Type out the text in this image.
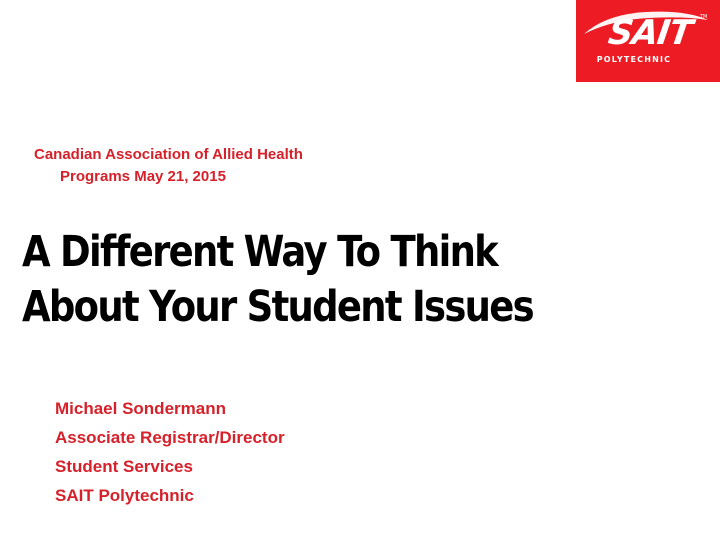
SAIT	TM
POLYTECHNIC
Canadian Association of Allied Health
Programs May 21, 2015
A Different Way To Think
About Your Student Issues
Michael Sondermann
Associate Registrar/Director
Student Services
SAIT Polytechnic
